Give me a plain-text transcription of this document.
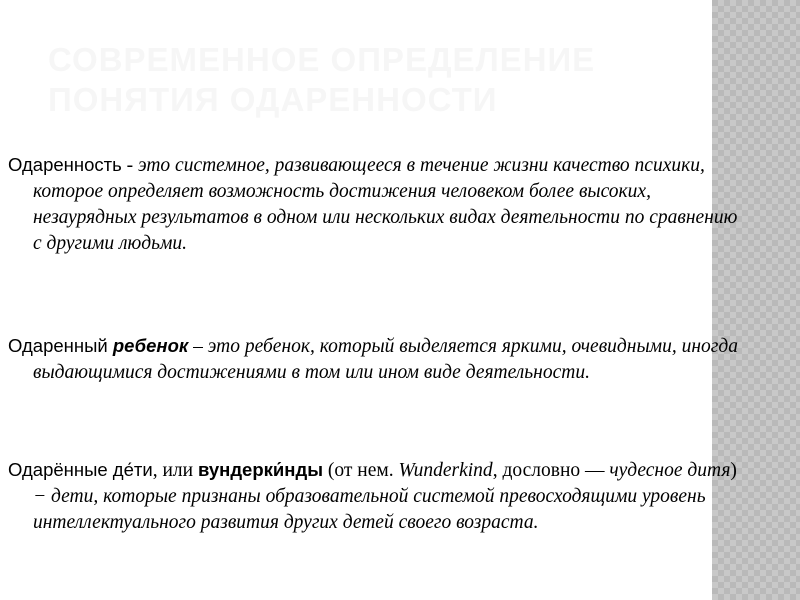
СОВРЕМЕННОЕ ОПРЕДЕЛЕНИЕ ПОНЯТИЯ ОДАРЕННОСТИ

Одаренность - это системное, развивающееся в течение жизни качество психики, которое определяет возможность достижения человеком более высоких, незаурядных результатов в одном или нескольких видах деятельности по сравнению с другими людьми.

Одаренный ребенок – это ребенок, который выделяется яркими, очевидными, иногда выдающимися достижениями в том или ином виде деятельности.

Одарённые де́ти, или вундерки́нды (от нем. Wunderkind, дословно — чудесное дитя) − дети, которые признаны образовательной системой превосходящими уровень интеллектуального развития других детей своего возраста.
